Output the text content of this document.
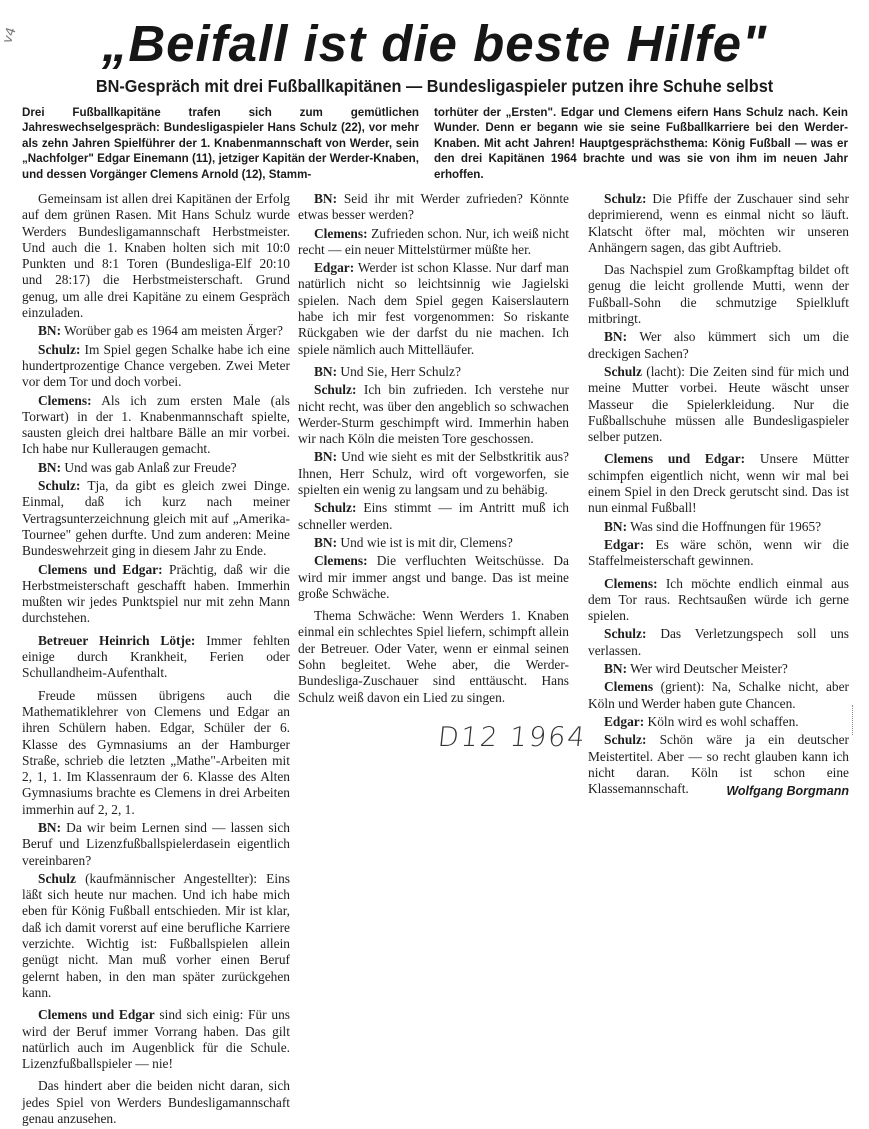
v4	„Beifall ist die beste Hilfe"
BN-Gespräch mit drei Fußballkapitänen — Bundesligaspieler putzen ihre Schuhe selbst
Drei Fußballkapitäne trafen sich zum gemütlichen Jahreswechselgespräch: Bundesligaspieler Hans Schulz (22), vor mehr als zehn Jahren Spielführer der 1. Knabenmannschaft von Werder, sein „Nachfolger" Edgar Einemann (11), jetziger Kapitän der Werder-Knaben, und dessen Vorgänger Clemens Arnold (12), Stamm-
torhüter der „Ersten". Edgar und Clemens eifern Hans Schulz nach. Kein Wunder. Denn er begann wie sie seine Fußballkarriere bei den Werder-Knaben. Mit acht Jahren! Hauptgesprächsthema: König Fußball — was er den drei Kapitänen 1964 brachte und was sie von ihm im neuen Jahr erhoffen.

Gemeinsam ist allen drei Kapitänen der Erfolg auf dem grünen Rasen. Mit Hans Schulz wurde Werders Bundesligamannschaft Herbstmeister. Und auch die 1. Knaben holten sich mit 10:0 Punkten und 8:1 Toren (Bundesliga-Elf 20:10 und 28:17) die Herbstmeisterschaft. Grund genug, um alle drei Kapitäne zu einem Gespräch einzuladen.

BN: Worüber gab es 1964 am meisten Ärger?

Schulz: Im Spiel gegen Schalke habe ich eine hundertprozentige Chance vergeben. Zwei Meter vor dem Tor und doch vorbei.

Clemens: Als ich zum ersten Male (als Torwart) in der 1. Knabenmannschaft spielte, sausten gleich drei haltbare Bälle an mir vorbei. Ich habe nur Kulleraugen gemacht.

BN: Und was gab Anlaß zur Freude?

Schulz: Tja, da gibt es gleich zwei Dinge. Einmal, daß ich kurz nach meiner Vertragsunterzeichnung gleich mit auf „Amerika-Tournee" gehen durfte. Und zum anderen: Meine Bundeswehrzeit ging in diesem Jahr zu Ende.

Clemens und Edgar: Prächtig, daß wir die Herbstmeisterschaft geschafft haben. Immerhin mußten wir jedes Punktspiel nur mit zehn Mann durchstehen.

Betreuer Heinrich Lötje: Immer fehlten einige durch Krankheit, Ferien oder Schullandheim-Aufenthalt.

Freude müssen übrigens auch die Mathematiklehrer von Clemens und Edgar an ihren Schülern haben. Edgar, Schüler der 6. Klasse des Gymnasiums an der Hamburger Straße, schrieb die letzten „Mathe"-Arbeiten mit 2, 1, 1. Im Klassenraum der 6. Klasse des Alten Gymnasiums brachte es Clemens in drei Arbeiten immerhin auf 2, 2, 1.

BN: Da wir beim Lernen sind — lassen sich Beruf und Lizenzfußballspielerdasein eigentlich vereinbaren?

Schulz (kaufmännischer Angestellter): Eins läßt sich heute nur machen. Und ich habe mich eben für König Fußball entschieden. Mir ist klar, daß ich damit vorerst auf eine berufliche Karriere verzichte. Wichtig ist: Fußballspielen allein genügt nicht. Man muß vorher einen Beruf gelernt haben, in den man später zurückgehen kann.

Clemens und Edgar sind sich einig: Für uns wird der Beruf immer Vorrang haben. Das gilt natürlich auch im Augenblick für die Schule. Lizenzfußballspieler — nie!

Das hindert aber die beiden nicht daran, sich jedes Spiel von Werders Bundesligamannschaft genau anzusehen.

BN: Seid ihr mit Werder zufrieden? Könnte etwas besser werden?

Clemens: Zufrieden schon. Nur, ich weiß nicht recht — ein neuer Mittelstürmer müßte her.

Edgar: Werder ist schon Klasse. Nur darf man natürlich nicht so leichtsinnig wie Jagielski spielen. Nach dem Spiel gegen Kaiserslautern habe ich mir fest vorgenommen: So riskante Rückgaben wie der darfst du nie machen. Ich spiele nämlich auch Mittelläufer.

BN: Und Sie, Herr Schulz?

Schulz: Ich bin zufrieden. Ich verstehe nur nicht recht, was über den angeblich so schwachen Werder-Sturm geschimpft wird. Immerhin haben wir nach Köln die meisten Tore geschossen.

BN: Und wie sieht es mit der Selbstkritik aus? Ihnen, Herr Schulz, wird oft vorgeworfen, sie spielten ein wenig zu langsam und zu behäbig.

Schulz: Eins stimmt — im Antritt muß ich schneller werden.

BN: Und wie ist is mit dir, Clemens?

Clemens: Die verfluchten Weitschüsse. Da wird mir immer angst und bange. Das ist meine große Schwäche.

Thema Schwäche: Wenn Werders 1. Knaben einmal ein schlechtes Spiel liefern, schimpft allein der Betreuer. Oder Vater, wenn er einmal seinen Sohn begleitet. Wehe aber, die Werder-Bundesliga-Zuschauer sind enttäuscht. Hans Schulz weiß davon ein Lied zu singen.

Schulz: Die Pfiffe der Zuschauer sind sehr deprimierend, wenn es einmal nicht so läuft. Klatscht öfter mal, möchten wir unseren Anhängern sagen, das gibt Auftrieb.

Das Nachspiel zum Großkampftag bildet oft genug die leicht grollende Mutti, wenn der Fußball-Sohn die schmutzige Spielkluft mitbringt.

BN: Wer also kümmert sich um die dreckigen Sachen?

Schulz (lacht): Die Zeiten sind für mich und meine Mutter vorbei. Heute wäscht unser Masseur die Spielerkleidung. Nur die Fußballschuhe müssen alle Bundesligaspieler selber putzen.

Clemens und Edgar: Unsere Mütter schimpfen eigentlich nicht, wenn wir mal bei einem Spiel in den Dreck gerutscht sind. Das ist nun einmal Fußball!

BN: Was sind die Hoffnungen für 1965?

Edgar: Es wäre schön, wenn wir die Staffelmeisterschaft gewinnen.

Clemens: Ich möchte endlich einmal aus dem Tor raus. Rechtsaußen würde ich gerne spielen.

Schulz: Das Verletzungspech soll uns verlassen.

BN: Wer wird Deutscher Meister?

Clemens (grient): Na, Schalke nicht, aber Köln und Werder haben gute Chancen.

Edgar: Köln wird es wohl schaffen.

Schulz: Schön wäre ja ein deutscher Meistertitel. Aber — so recht glauben kann ich nicht daran. Köln ist schon eine Klassemannschaft.	Wolfgang Borgmann
D12 1964
